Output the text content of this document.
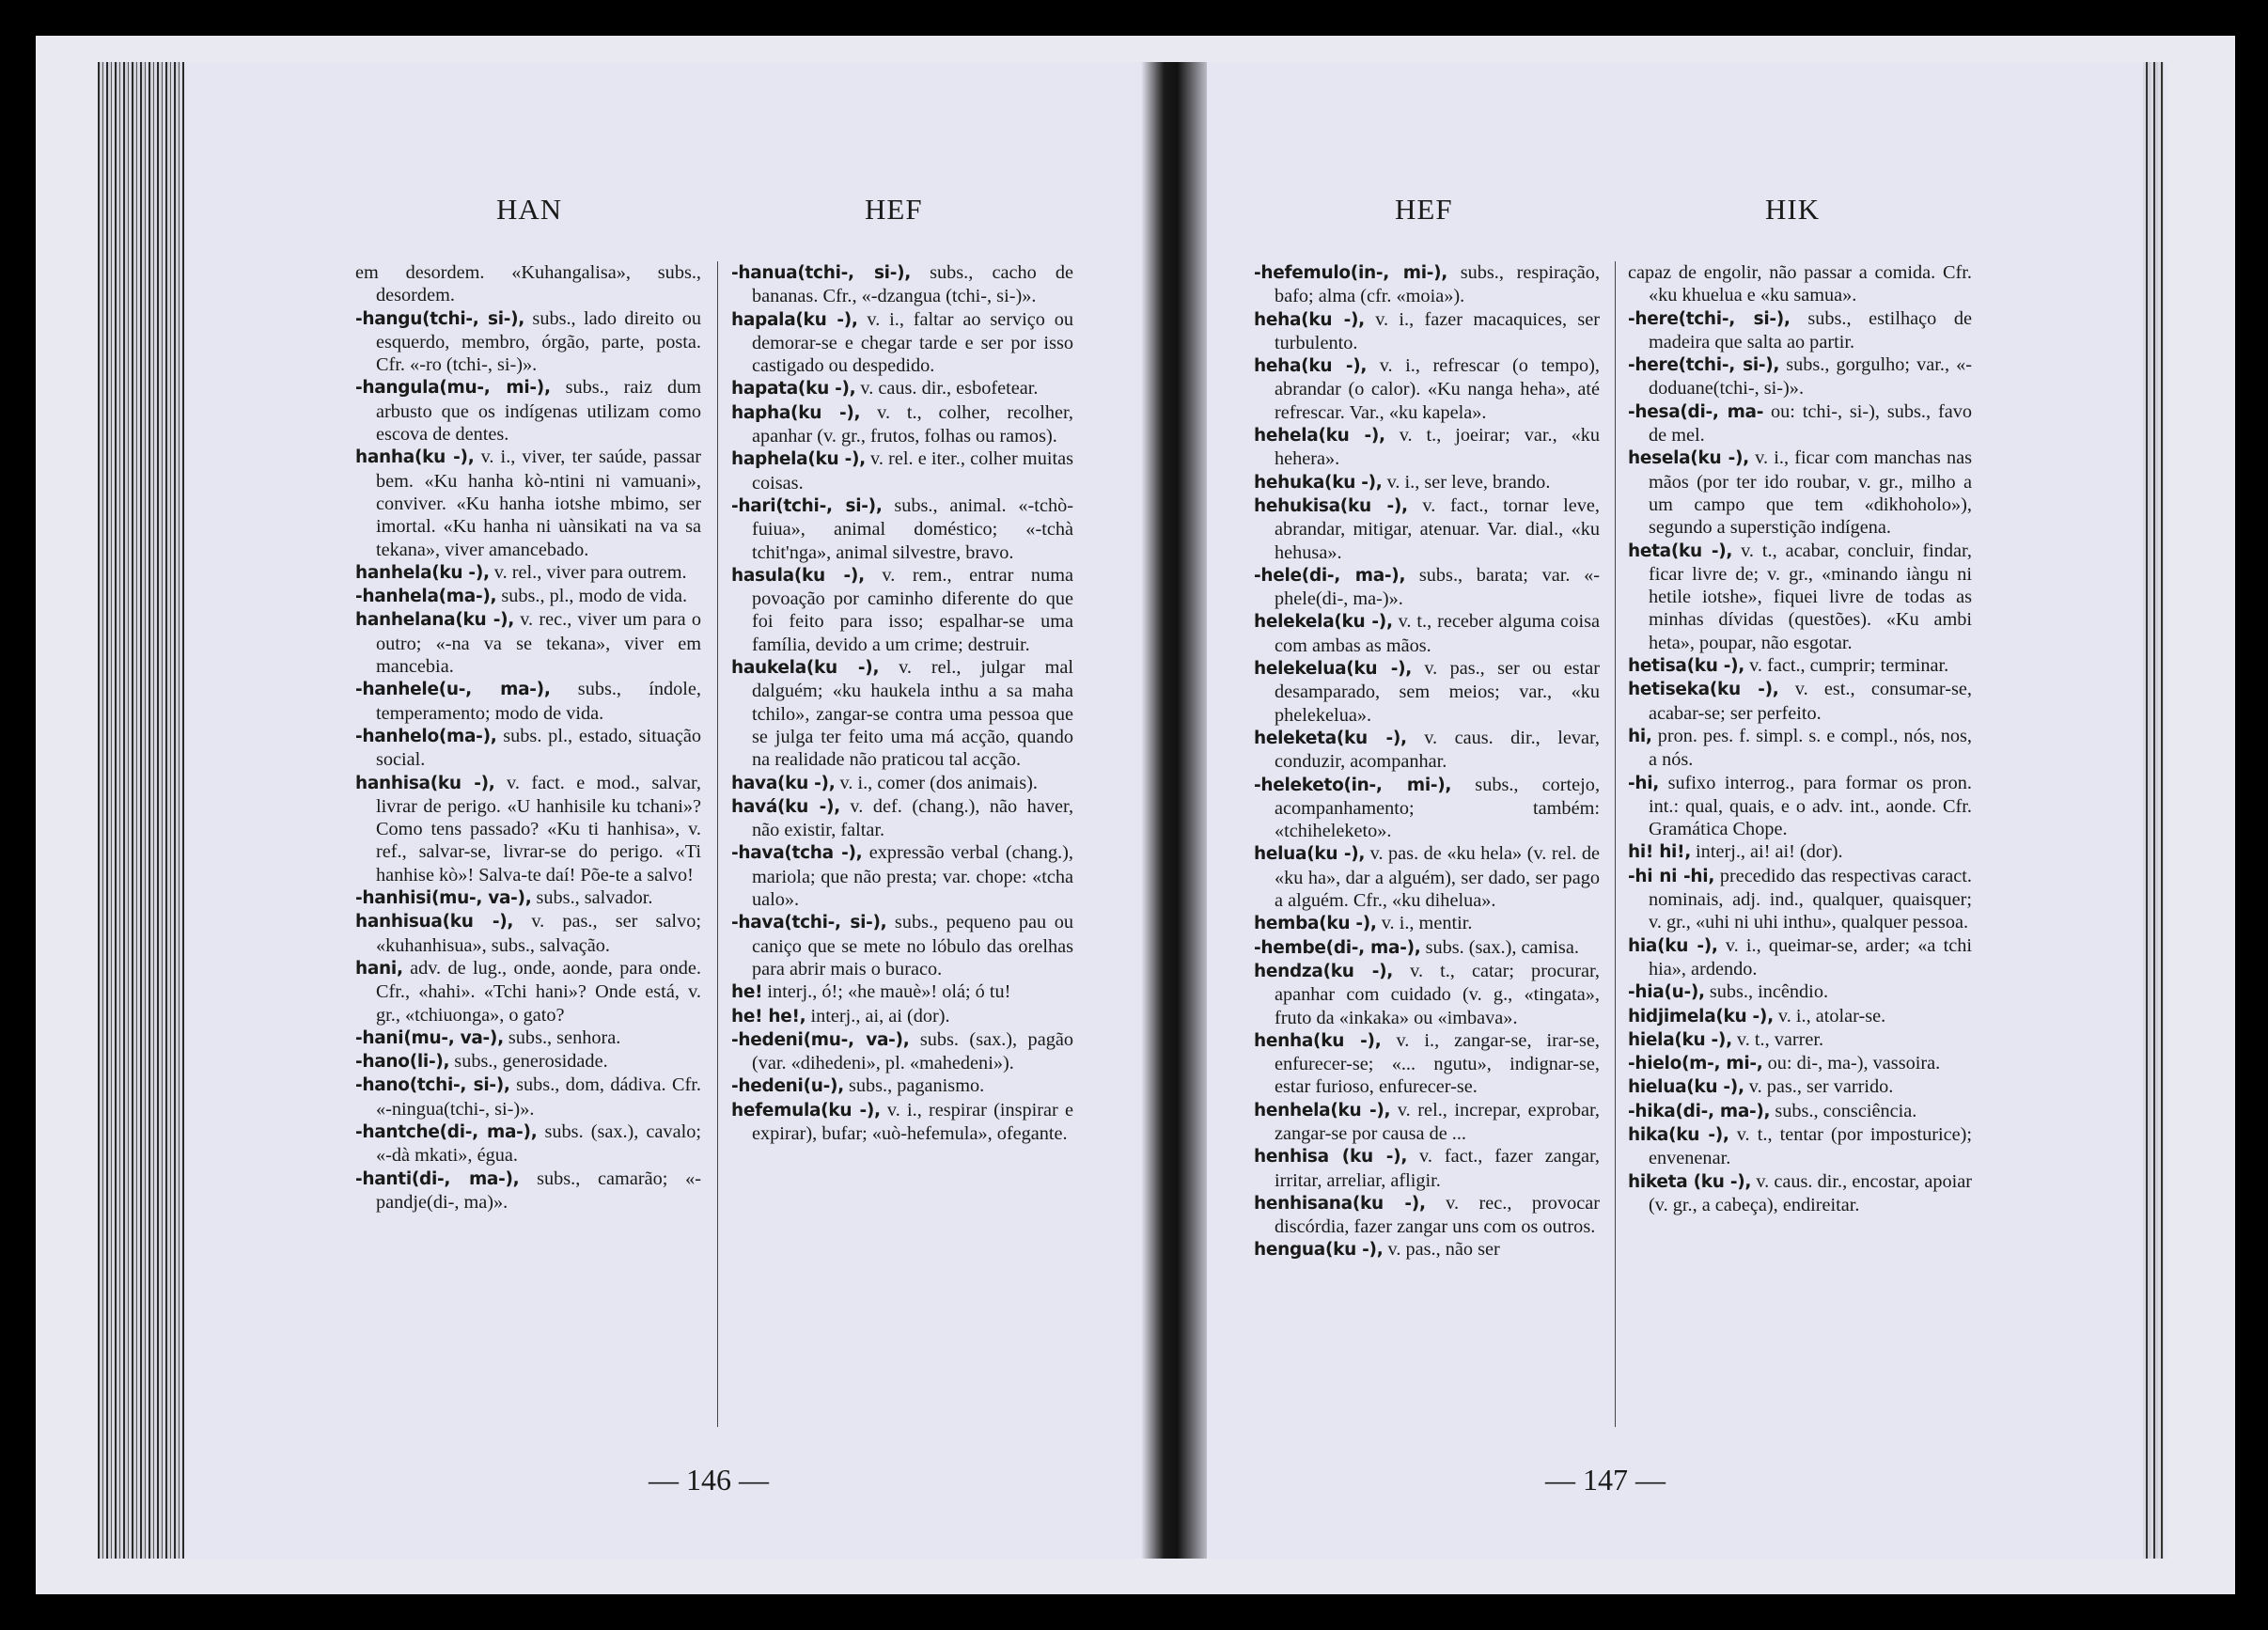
HAN	HEF

em desordem. «Kuhangalisa», subs., desordem.

-hangu(tchi-, si-), subs., lado direito ou esquerdo, membro, órgão, parte, posta. Cfr. «-ro (tchi-, si-)».

-hangula(mu-, mi-), subs., raiz dum arbusto que os indígenas utilizam como escova de dentes.

hanha(ku -), v. i., viver, ter saúde, passar bem. «Ku hanha kò-ntini ni vamuani», conviver. «Ku hanha iotshe mbimo, ser imortal. «Ku hanha ni uànsikati na va sa tekana», viver amancebado.

hanhela(ku -), v. rel., viver para outrem.

-hanhela(ma-), subs., pl., modo de vida.

hanhelana(ku -), v. rec., viver um para o outro; «-na va se tekana», viver em mancebia.

-hanhele(u-, ma-), subs., índole, temperamento; modo de vida.

-hanhelo(ma-), subs. pl., estado, situação social.

hanhisa(ku -), v. fact. e mod., salvar, livrar de perigo. «U hanhisile ku tchani»? Como tens passado? «Ku ti hanhisa», v. ref., salvar-se, livrar-se do perigo. «Ti hanhise kò»! Salva-te daí! Põe-te a salvo!

-hanhisi(mu-, va-), subs., salvador.

hanhisua(ku -), v. pas., ser salvo; «kuhanhisua», subs., salvação.

hani, adv. de lug., onde, aonde, para onde. Cfr., «hahi». «Tchi hani»? Onde está, v. gr., «tchiuonga», o gato?

-hani(mu-, va-), subs., senhora.

-hano(li-), subs., generosidade.

-hano(tchi-, si-), subs., dom, dádiva. Cfr. «-ningua(tchi-, si-)».

-hantche(di-, ma-), subs. (sax.), cavalo; «-dà mkati», égua.

-hanti(di-, ma-), subs., camarão; «-pandje(di-, ma)».

-hanua(tchi-, si-), subs., cacho de bananas. Cfr., «-dzangua (tchi-, si-)».

hapala(ku -), v. i., faltar ao serviço ou demorar-se e chegar tarde e ser por isso castigado ou despedido.

hapata(ku -), v. caus. dir., esbofetear.

hapha(ku -), v. t., colher, recolher, apanhar (v. gr., frutos, folhas ou ramos).

haphela(ku -), v. rel. e iter., colher muitas coisas.

-hari(tchi-, si-), subs., animal. «-tchò-fuiua», animal doméstico; «-tchà tchit'nga», animal silvestre, bravo.

hasula(ku -), v. rem., entrar numa povoação por caminho diferente do que foi feito para isso; espalhar-se uma família, devido a um crime; destruir.

haukela(ku -), v. rel., julgar mal dalguém; «ku haukela inthu a sa maha tchilo», zangar-se contra uma pessoa que se julga ter feito uma má acção, quando na realidade não praticou tal acção.

hava(ku -), v. i., comer (dos animais).

havá(ku -), v. def. (chang.), não haver, não existir, faltar.

-hava(tcha -), expressão verbal (chang.), mariola; que não presta; var. chope: «tcha ualo».

-hava(tchi-, si-), subs., pequeno pau ou caniço que se mete no lóbulo das orelhas para abrir mais o buraco.

he! interj., ó!; «he mauè»! olá; ó tu!

he! he!, interj., ai, ai (dor).

-hedeni(mu-, va-), subs. (sax.), pagão (var. «dihedeni», pl. «mahedeni»).

-hedeni(u-), subs., paganismo.

hefemula(ku -), v. i., respirar (inspirar e expirar), bufar; «uò-hefemula», ofegante.

— 146 —
HEF	HIK

-hefemulo(in-, mi-), subs., respiração, bafo; alma (cfr. «moia»).

heha(ku -), v. i., fazer macaquices, ser turbulento.

heha(ku -), v. i., refrescar (o tempo), abrandar (o calor). «Ku nanga heha», até refrescar. Var., «ku kapela».

hehela(ku -), v. t., joeirar; var., «ku hehera».

hehuka(ku -), v. i., ser leve, brando.

hehukisa(ku -), v. fact., tornar leve, abrandar, mitigar, atenuar. Var. dial., «ku hehusa».

-hele(di-, ma-), subs., barata; var. «-phele(di-, ma-)».

helekela(ku -), v. t., receber alguma coisa com ambas as mãos.

helekelua(ku -), v. pas., ser ou estar desamparado, sem meios; var., «ku phelekelua».

heleketa(ku -), v. caus. dir., levar, conduzir, acompanhar.

-heleketo(in-, mi-), subs., cortejo, acompanhamento; também: «tchiheleketo».

helua(ku -), v. pas. de «ku hela» (v. rel. de «ku ha», dar a alguém), ser dado, ser pago a alguém. Cfr., «ku dihelua».

hemba(ku -), v. i., mentir.

-hembe(di-, ma-), subs. (sax.), camisa.

hendza(ku -), v. t., catar; procurar, apanhar com cuidado (v. g., «tingata», fruto da «inkaka» ou «imbava».

henha(ku -), v. i., zangar-se, irar-se, enfurecer-se; «... ngutu», indignar-se, estar furioso, enfurecer-se.

henhela(ku -), v. rel., increpar, exprobar, zangar-se por causa de ...

henhisa (ku -), v. fact., fazer zangar, irritar, arreliar, afligir.

henhisana(ku -), v. rec., provocar discórdia, fazer zangar uns com os outros.

hengua(ku -), v. pas., não ser

capaz de engolir, não passar a comida. Cfr. «ku khuelua e «ku samua».

-here(tchi-, si-), subs., estilhaço de madeira que salta ao partir.

-here(tchi-, si-), subs., gorgulho; var., «-doduane(tchi-, si-)».

-hesa(di-, ma- ou: tchi-, si-), subs., favo de mel.

hesela(ku -), v. i., ficar com manchas nas mãos (por ter ido roubar, v. gr., milho a um campo que tem «dikhoholo»), segundo a superstição indígena.

heta(ku -), v. t., acabar, concluir, findar, ficar livre de; v. gr., «minando iàngu ni hetile iotshe», fiquei livre de todas as minhas dívidas (questões). «Ku ambi heta», poupar, não esgotar.

hetisa(ku -), v. fact., cumprir; terminar.

hetiseka(ku -), v. est., consumar-se, acabar-se; ser perfeito.

hi, pron. pes. f. simpl. s. e compl., nós, nos, a nós.

-hi, sufixo interrog., para formar os pron. int.: qual, quais, e o adv. int., aonde. Cfr. Gramática Chope.

hi! hi!, interj., ai! ai! (dor).

-hi ni -hi, precedido das respectivas caract. nominais, adj. ind., qualquer, quaisquer; v. gr., «uhi ni uhi inthu», qualquer pessoa.

hia(ku -), v. i., queimar-se, arder; «a tchi hia», ardendo.

-hia(u-), subs., incêndio.

hidjimela(ku -), v. i., atolar-se.

hiela(ku -), v. t., varrer.

-hielo(m-, mi-, ou: di-, ma-), vassoira.

hielua(ku -), v. pas., ser varrido.

-hika(di-, ma-), subs., consciência.

hika(ku -), v. t., tentar (por imposturice); envenenar.

hiketa (ku -), v. caus. dir., encostar, apoiar (v. gr., a cabeça), endireitar.

— 147 —
